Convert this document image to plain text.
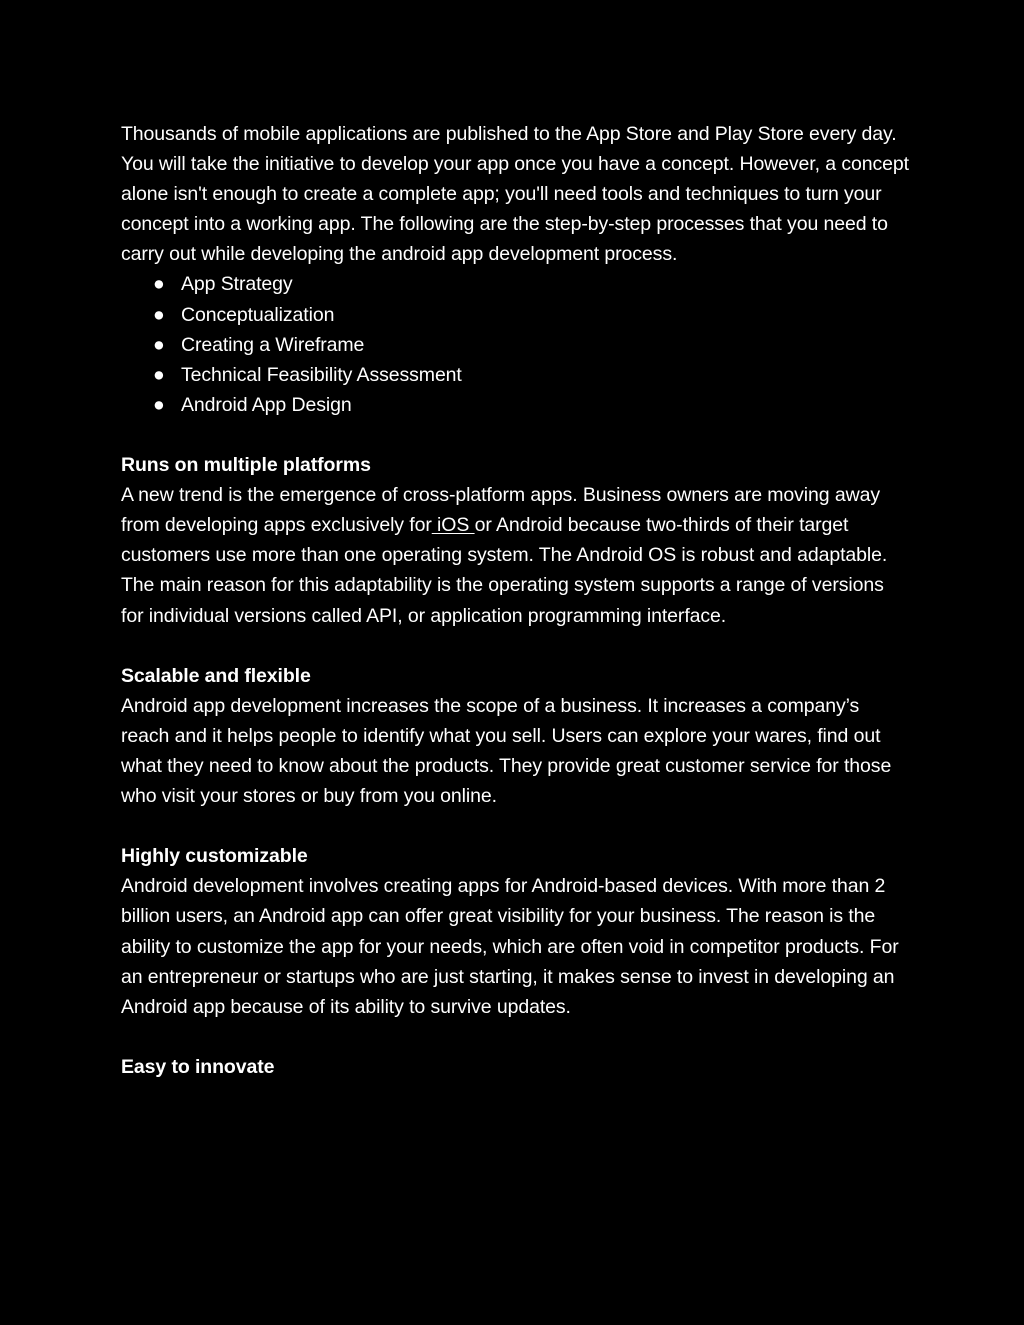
Thousands of mobile applications are published to the App Store and Play Store every day. You will take the initiative to develop your app once you have a concept. However, a concept alone isn't enough to create a complete app; you'll need tools and techniques to turn your concept into a working app. The following are the step-by-step processes that you need to carry out while developing the android app development process.

● App Strategy
● Conceptualization
● Creating a Wireframe
● Technical Feasibility Assessment
● Android App Design
Runs on multiple platforms

A new trend is the emergence of cross-platform apps. Business owners are moving away from developing apps exclusively for iOS or Android because two-thirds of their target customers use more than one operating system. The Android OS is robust and adaptable. The main reason for this adaptability is the operating system supports a range of versions for individual versions called API, or application programming interface.

Scalable and flexible

Android app development increases the scope of a business. It increases a company’s reach and it helps people to identify what you sell. Users can explore your wares, find out what they need to know about the products. They provide great customer service for those who visit your stores or buy from you online.

Highly customizable

Android development involves creating apps for Android-based devices. With more than 2 billion users, an Android app can offer great visibility for your business. The reason is the ability to customize the app for your needs, which are often void in competitor products. For an entrepreneur or startups who are just starting, it makes sense to invest in developing an Android app because of its ability to survive updates.

Easy to innovate
